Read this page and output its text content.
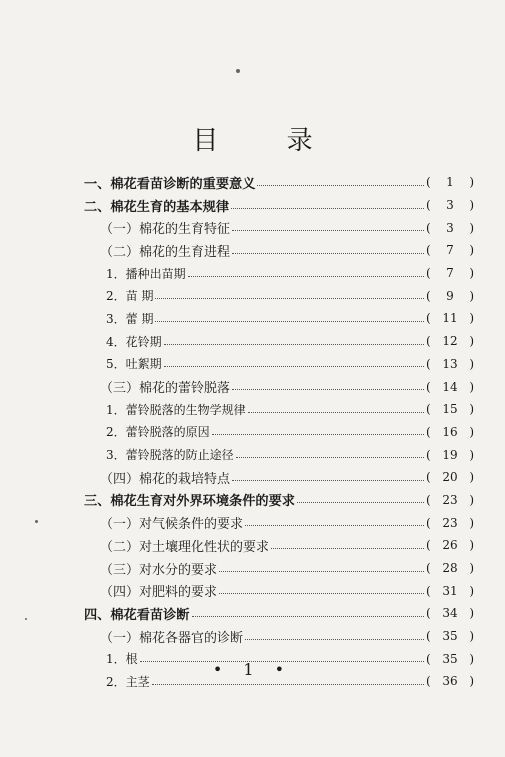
目 录
一、棉花看苗诊断的重要意义	(	1	)
二、棉花生育的基本规律	(	3	)
（一）棉花的生育特征	(	3	)
（二）棉花的生育进程	(	7	)
1．播种出苗期	(	7	)
2．苗 期	(	9	)
3．蕾 期	( 11 )
4．花铃期	( 12 )
5．吐絮期	( 13 )
（三）棉花的蕾铃脱落	( 14 )
1．蕾铃脱落的生物学规律	( 15 )
2．蕾铃脱落的原因	( 16 )
3．蕾铃脱落的防止途径	( 19 )
（四）棉花的栽培特点	( 20 )
三、棉花生育对外界环境条件的要求	( 23 )
（一）对气候条件的要求	( 23 )
（二）对土壤理化性状的要求	( 26 )
（三）对水分的要求	( 28 )
（四）对肥料的要求	( 31 )
四、棉花看苗诊断	( 34 )
（一）棉花各器官的诊断	( 35 )
1．根	( 35 )
2．主茎	( 36 )
• 1 •
